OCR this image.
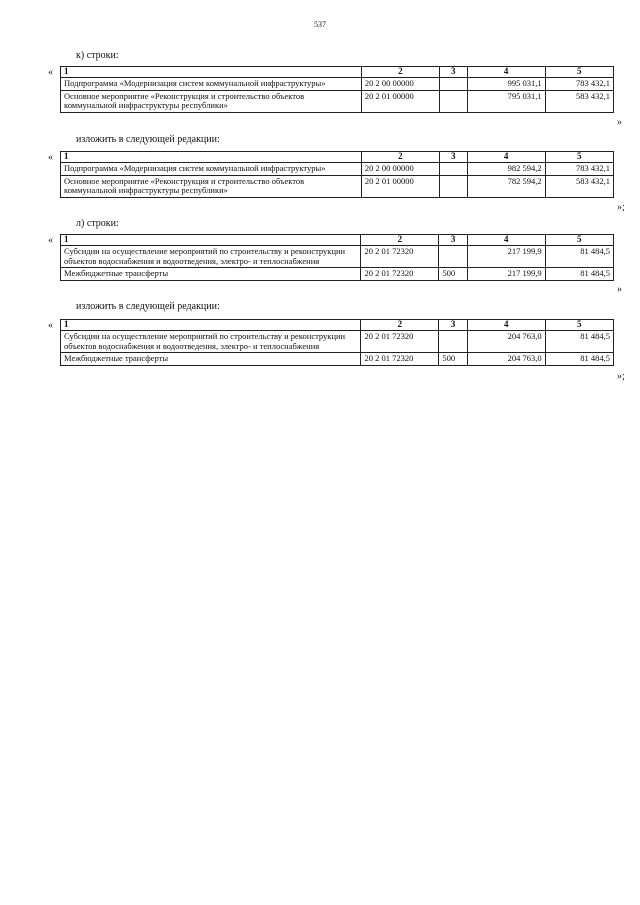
537
к) строки:
« 1	2	3	4	5
Подпрограмма «Модернизация систем коммунальной инфраструктуры»	20 2 00 00000		995 031,1	783 432,1
Основное мероприятие «Реконструкция и строительство объектов коммунальной инфраструктуры республики»	20 2 01 00000		795 031,1	583 432,1
»
изложить в следующей редакции:
« 1	2	3	4	5
Подпрограмма «Модернизация систем коммунальной инфраструктуры»	20 2 00 00000		982 594,2	783 432,1
Основное мероприятие «Реконструкция и строительство объектов коммунальной инфраструктуры республики»	20 2 01 00000		782 594,2	583 432,1
»;
л) строки:
« 1	2	3	4	5
Субсидии на осуществление мероприятий по строительству и реконструкции объектов водоснабжения и водоотведения, электро- и теплоснабжения	20 2 01 72320		217 199,9	81 484,5
Межбюджетные трансферты	20 2 01 72320	500	217 199,9	81 484,5
»
изложить в следующей редакции:
« 1	2	3	4	5
Субсидии на осуществление мероприятий по строительству и реконструкции объектов водоснабжения и водоотведения, электро- и теплоснабжения	20 2 01 72320		204 763,0	81 484,5
Межбюджетные трансферты	20 2 01 72320	500	204 763,0	81 484,5
»;
